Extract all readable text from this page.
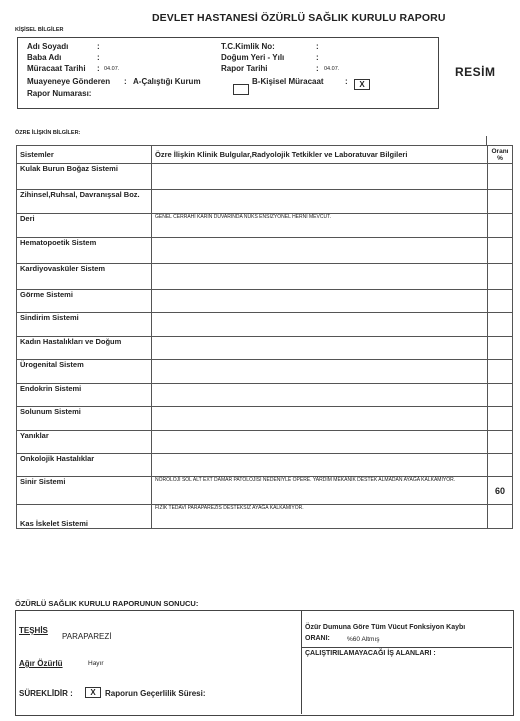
DEVLET HASTANESİ ÖZÜRLÜ SAĞLIK KURULU RAPORU
KİŞİSEL BİLGİLER
Adı Soyadı	:
Baba Adı	:
Müracaat Tarihi : 04.07.
Muayeneye Gönderen : A-Çalıştığı Kurum	B-Kişisel Müracaat	:	X
Rapor Numarası:
T.C.Kimlik No:	:
Doğum Yeri - Yılı	:
Rapor Tarihi	: 04.07.	RESİM
ÖZRE İLİŞKİN BİLGİLER:
Sistemler	Özre İlişkin Klinik Bulgular,Radyolojik Tetkikler ve Laboratuvar Bilgileri	Oranı %
Kulak Burun Boğaz Sistemi		
Zihinsel,Ruhsal, Davranışsal Boz.		
Deri	GENEL CERRAHİ KARIN DUVARINDA NÜKS ENSİZYONEL HERNİ MEVCUT.	
Hematopoetik Sistem		
Kardiyovasküler Sistem		
Görme Sistemi		
Sindirim Sistemi		
Kadın Hastalıkları ve Doğum		
Ürogenital Sistem		
Endokrin Sistemi		
Solunum Sistemi		
Yanıklar		
Onkolojik Hastalıklar		
Sinir Sistemi	NÖROLOJİ SOL ALT EXT DAMAR PATOLOJİSİ NEDENİYLE OPERE. YARDIM MEKANİK DESTEK ALMADAN AYAĞA KALKAMIYOR.	60
Kas İskelet Sistemi	FİZİK TEDAVİ PARAPAREZİS DESTEKSİZ AYAĞA KALKAMIYOR.	
ÖZÜRLÜ SAĞLIK KURULU RAPORUNUN SONUCU:
TEŞHİS
PARAPAREZİ
Ağır Özürlü	Hayır
SÜREKLİDİR :	X	Raporun Geçerlilik Süresi:
Özür Dumuna Göre Tüm Vücut Fonksiyon Kaybı
ORANI:	%60 Altmış
ÇALIŞTIRILAMAYACAĞI İŞ ALANLARI :
